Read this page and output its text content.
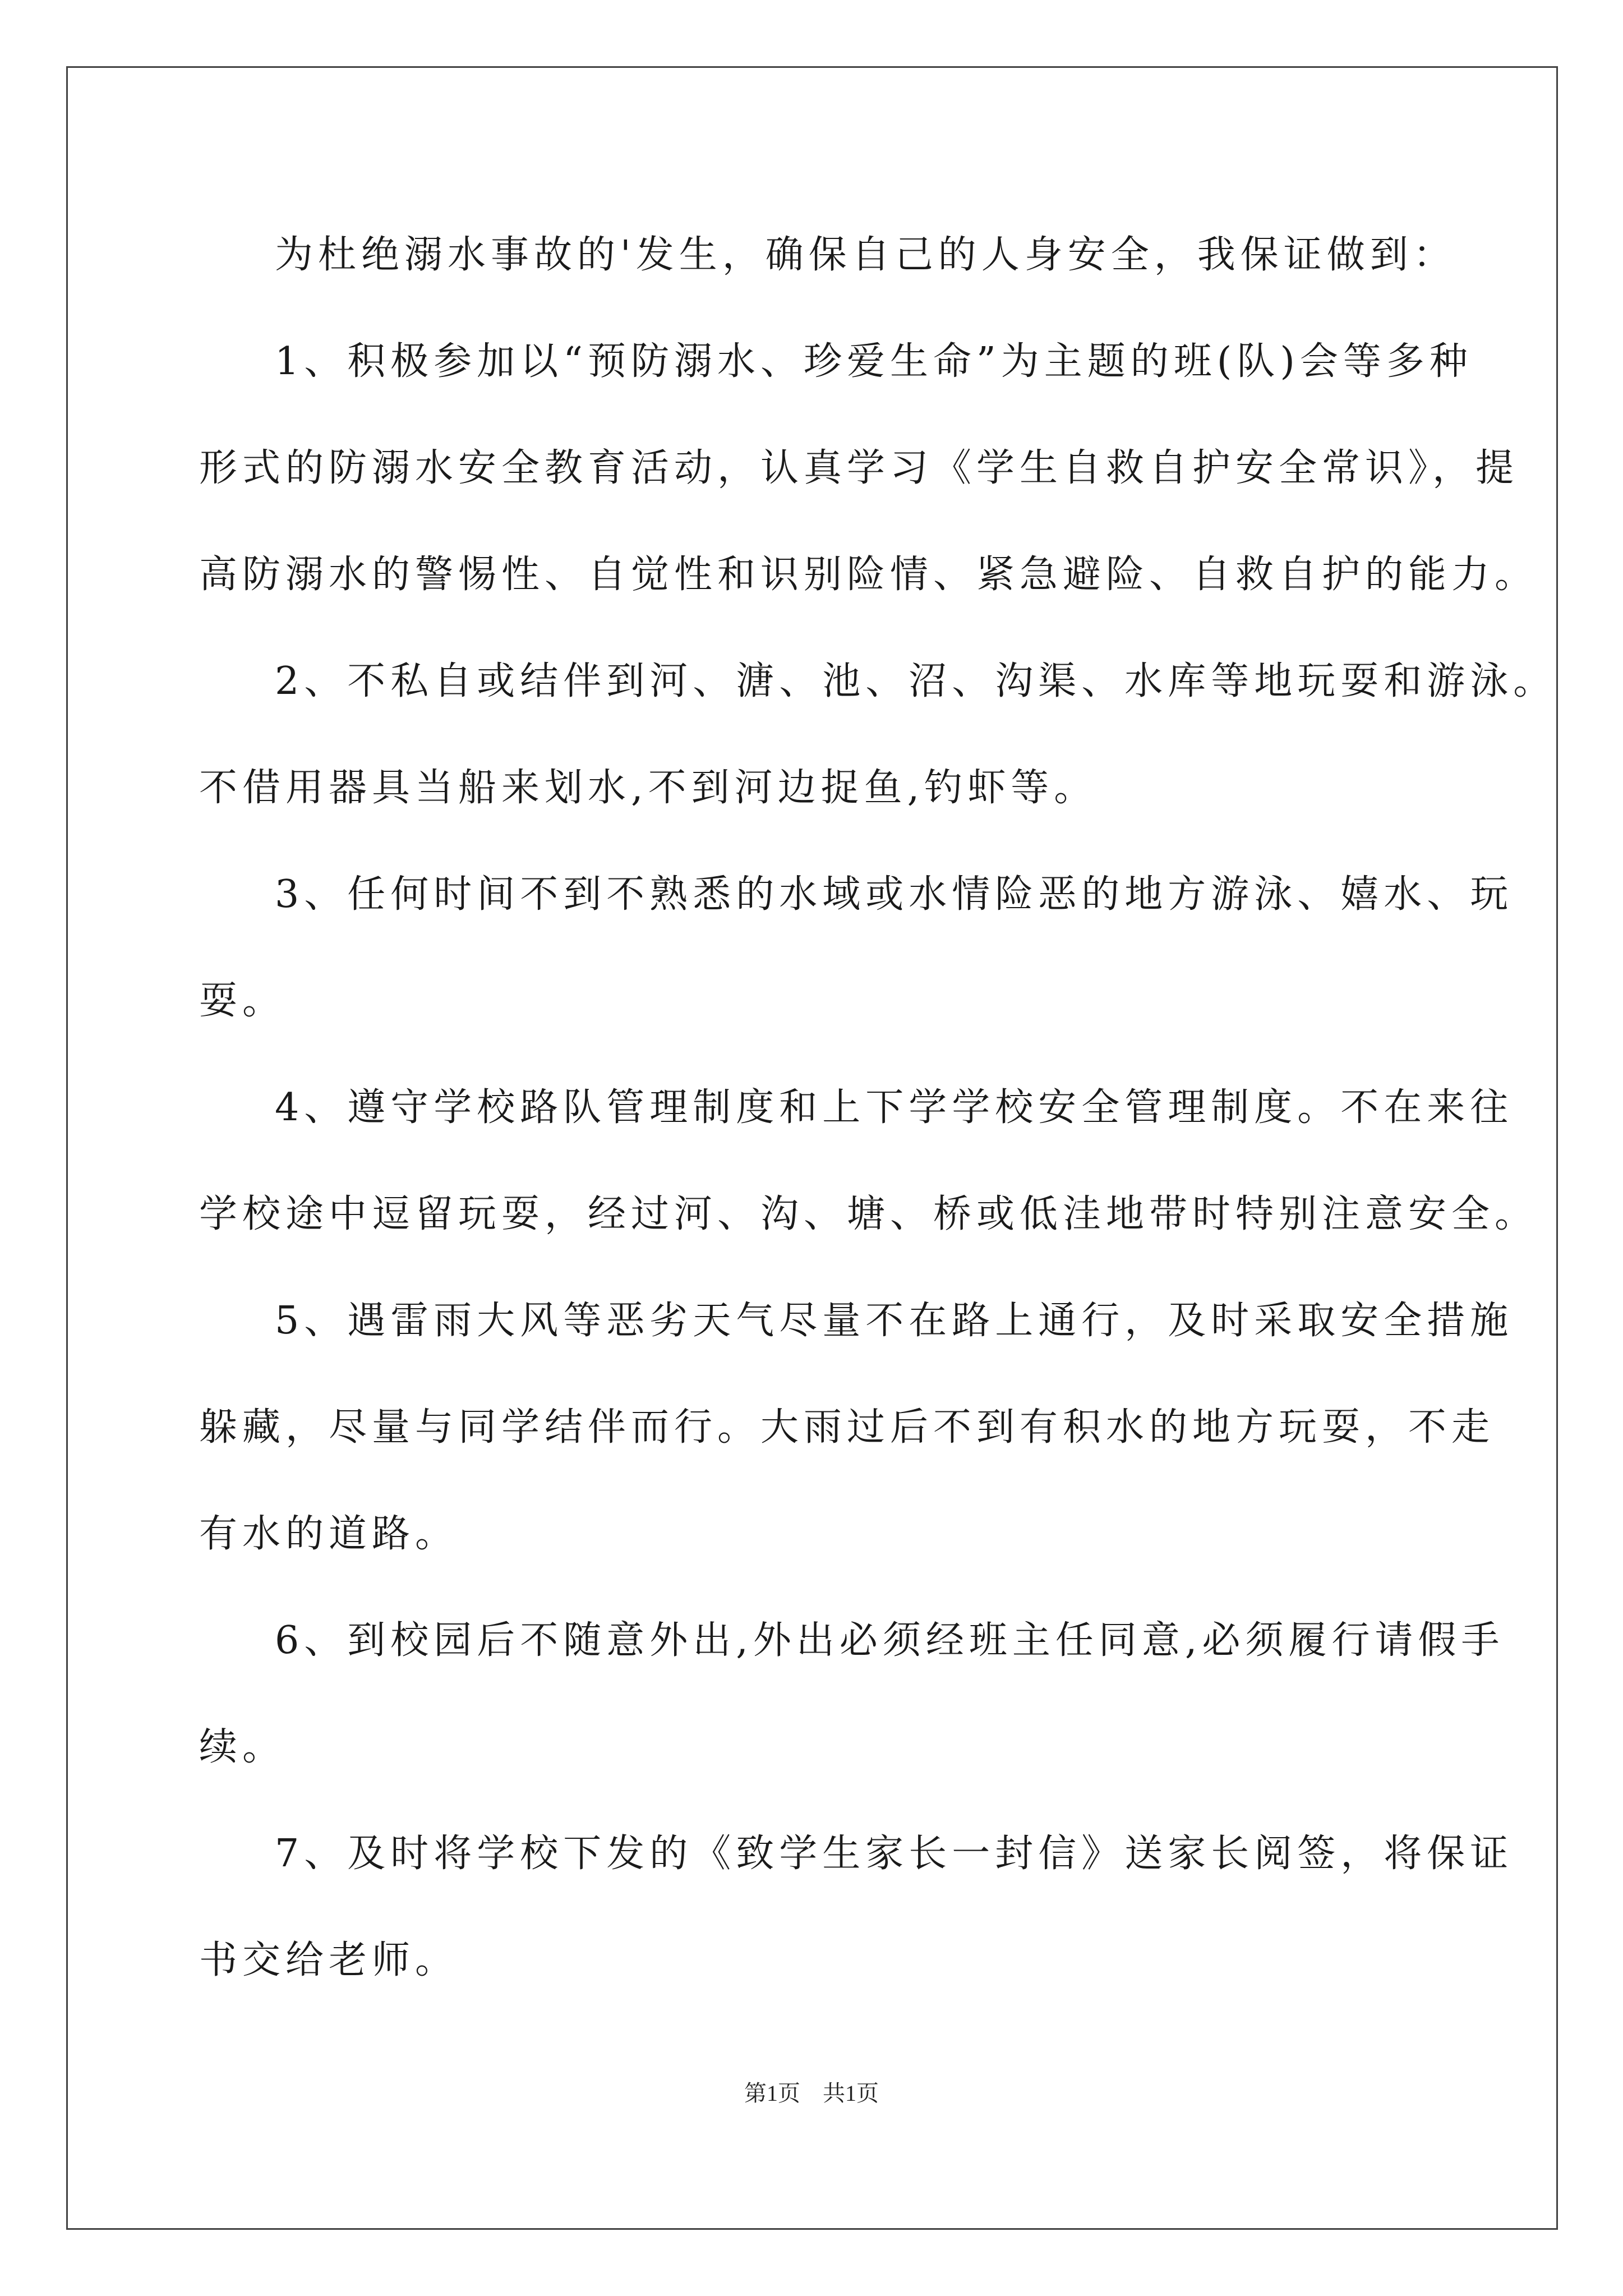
为杜绝溺水事故的'发生，确保自己的人身安全，我保证做到：
1、积极参加以“预防溺水、珍爱生命”为主题的班(队)会等多种
形式的防溺水安全教育活动，认真学习《学生自救自护安全常识》，提
高防溺水的警惕性、自觉性和识别险情、紧急避险、自救自护的能力。
2、不私自或结伴到河、溏、池、沼、沟渠、水库等地玩耍和游泳。
不借用器具当船来划水,不到河边捉鱼,钓虾等。
3、任何时间不到不熟悉的水域或水情险恶的地方游泳、嬉水、玩
耍。
4、遵守学校路队管理制度和上下学学校安全管理制度。不在来往
学校途中逗留玩耍，经过河、沟、塘、桥或低洼地带时特别注意安全。
5、遇雷雨大风等恶劣天气尽量不在路上通行，及时采取安全措施
躲藏，尽量与同学结伴而行。大雨过后不到有积水的地方玩耍，不走
有水的道路。
6、到校园后不随意外出,外出必须经班主任同意,必须履行请假手
续。
7、及时将学校下发的《致学生家长一封信》送家长阅签，将保证
书交给老师。
第1页　共1页
